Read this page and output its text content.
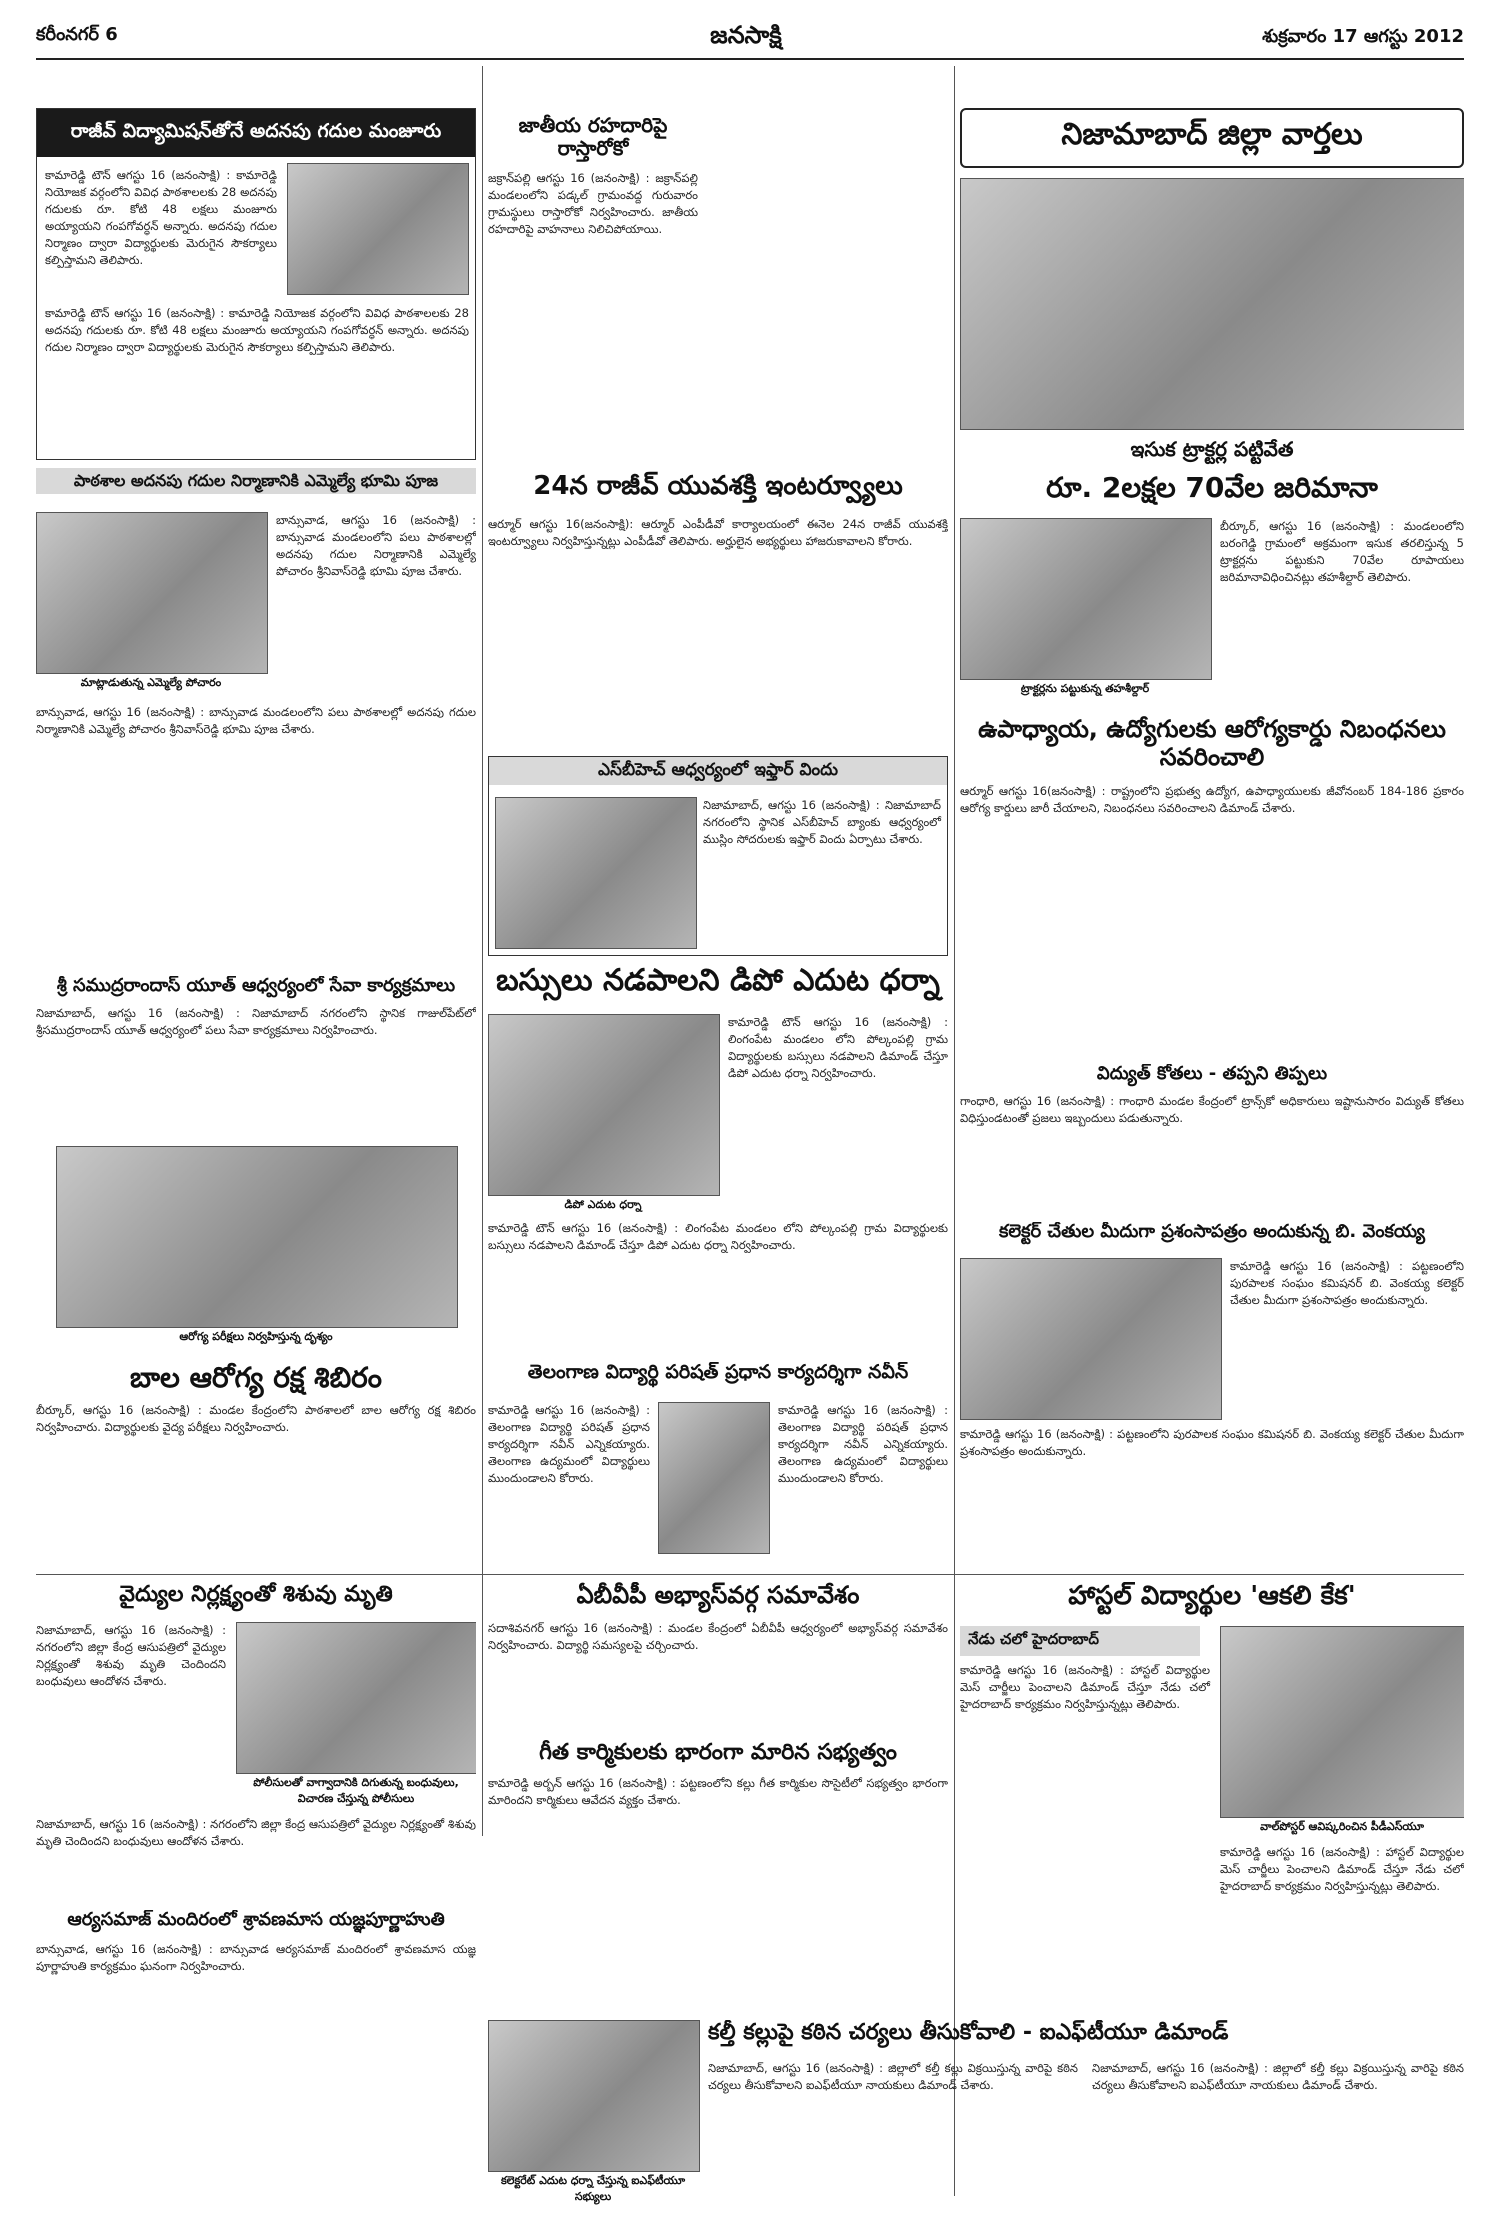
కరీంనగర్ 6	జనసాక్షి	శుక్రవారం 17 ఆగస్టు 2012
రాజీవ్ విద్యామిషన్‌తోనే అదనపు గదుల మంజూరు
కామారెడ్డి టౌన్ ఆగస్టు 16 (జనంసాక్షి) : కామారెడ్డి నియోజక వర్గంలోని వివిధ పాఠశాలలకు 28 అదనపు గదులకు రూ. కోటి 48 లక్షలు మంజూరు అయ్యాయని గంపగోవర్ధన్ అన్నారు. అదనపు గదుల నిర్మాణం ద్వారా విద్యార్థులకు మెరుగైన సౌకర్యాలు కల్పిస్తామని తెలిపారు.
కామారెడ్డి టౌన్ ఆగస్టు 16 (జనంసాక్షి) : కామారెడ్డి నియోజక వర్గంలోని వివిధ పాఠశాలలకు 28 అదనపు గదులకు రూ. కోటి 48 లక్షలు మంజూరు అయ్యాయని గంపగోవర్ధన్ అన్నారు. అదనపు గదుల నిర్మాణం ద్వారా విద్యార్థులకు మెరుగైన సౌకర్యాలు కల్పిస్తామని తెలిపారు.
జాతీయ రహదారిపై రాస్తారోకో
జక్రాన్‌పల్లి ఆగస్టు 16 (జనంసాక్షి) : జక్రాన్‌పల్లి మండలంలోని పడ్కల్ గ్రామంవద్ద గురువారం గ్రామస్థులు రాస్తారోకో నిర్వహించారు. జాతీయ రహదారిపై వాహనాలు నిలిచిపోయాయి.
నిజామాబాద్ జిల్లా వార్తలు
ఇసుక ట్రాక్టర్ల పట్టివేత
రూ. 2లక్షల 70వేల జరిమానా
ట్రాక్టర్లను పట్టుకున్న తహశీల్దార్
బీర్కూర్, ఆగస్టు 16 (జనంసాక్షి) : మండలంలోని బరంగెడ్డి గ్రామంలో అక్రమంగా ఇసుక తరలిస్తున్న 5 ట్రాక్టర్లను పట్టుకుని 70వేల రూపాయలు జరిమానావిధించినట్లు తహశీల్దార్ తెలిపారు.
పాఠశాల అదనపు గదుల నిర్మాణానికి ఎమ్మెల్యే భూమి పూజ
మాట్లాడుతున్న ఎమ్మెల్యే పోచారం
బాన్సువాడ, ఆగస్టు 16 (జనంసాక్షి) : బాన్సువాడ మండలంలోని పలు పాఠశాలల్లో అదనపు గదుల నిర్మాణానికి ఎమ్మెల్యే పోచారం శ్రీనివాస్‌రెడ్డి భూమి పూజ చేశారు.
బాన్సువాడ, ఆగస్టు 16 (జనంసాక్షి) : బాన్సువాడ మండలంలోని పలు పాఠశాలల్లో అదనపు గదుల నిర్మాణానికి ఎమ్మెల్యే పోచారం శ్రీనివాస్‌రెడ్డి భూమి పూజ చేశారు.
24న రాజీవ్ యువశక్తి ఇంటర్వ్యూలు
ఆర్మూర్ ఆగస్టు 16(జనంసాక్షి): ఆర్మూర్ ఎంపీడీవో కార్యాలయంలో ఈనెల 24న రాజీవ్ యువశక్తి ఇంటర్వ్యూలు నిర్వహిస్తున్నట్లు ఎంపీడీవో తెలిపారు. అర్హులైన అభ్యర్థులు హాజరుకావాలని కోరారు.
ఉపాధ్యాయ, ఉద్యోగులకు ఆరోగ్యకార్డు నిబంధనలు సవరించాలి
ఆర్మూర్ ఆగస్టు 16(జనంసాక్షి) : రాష్ట్రంలోని ప్రభుత్వ ఉద్యోగ, ఉపాధ్యాయులకు జీవోనంబర్ 184-186 ప్రకారం ఆరోగ్య కార్డులు జారీ చేయాలని, నిబంధనలు సవరించాలని డిమాండ్ చేశారు.
ఎస్‌బీహెచ్ ఆధ్వర్యంలో ఇఫ్తార్ విందు
నిజామాబాద్, ఆగస్టు 16 (జనంసాక్షి) : నిజామాబాద్ నగరంలోని స్థానిక ఎస్‌బీహెచ్ బ్యాంకు ఆధ్వర్యంలో ముస్లిం సోదరులకు ఇఫ్తార్ విందు ఏర్పాటు చేశారు.
శ్రీ సముద్రరాందాస్ యూత్ ఆధ్వర్యంలో సేవా కార్యక్రమాలు
నిజామాబాద్, ఆగస్టు 16 (జనంసాక్షి) : నిజామాబాద్ నగరంలోని స్థానిక గాజుల్‌పేట్‌లో శ్రీసముద్రరాందాస్ యూత్ ఆధ్వర్యంలో పలు సేవా కార్యక్రమాలు నిర్వహించారు.
ఆరోగ్య పరీక్షలు నిర్వహిస్తున్న దృశ్యం
బస్సులు నడపాలని డిపో ఎదుట ధర్నా
డిపో ఎదుట ధర్నా
కామారెడ్డి టౌన్ ఆగస్టు 16 (జనంసాక్షి) : లింగంపేట మండలం లోని పోల్కంపల్లి గ్రామ విద్యార్థులకు బస్సులు నడపాలని డిమాండ్ చేస్తూ డిపో ఎదుట ధర్నా నిర్వహించారు.
కామారెడ్డి టౌన్ ఆగస్టు 16 (జనంసాక్షి) : లింగంపేట మండలం లోని పోల్కంపల్లి గ్రామ విద్యార్థులకు బస్సులు నడపాలని డిమాండ్ చేస్తూ డిపో ఎదుట ధర్నా నిర్వహించారు.
విద్యుత్ కోతలు - తప్పని తిప్పలు
గాంధారి, ఆగస్టు 16 (జనంసాక్షి) : గాంధారి మండల కేంద్రంలో ట్రాన్స్‌కో అధికారులు ఇష్టానుసారం విద్యుత్ కోతలు విధిస్తుండటంతో ప్రజలు ఇబ్బందులు పడుతున్నారు.
కలెక్టర్ చేతుల మీదుగా ప్రశంసాపత్రం అందుకున్న బి. వెంకయ్య
కామారెడ్డి ఆగస్టు 16 (జనంసాక్షి) : పట్టణంలోని పురపాలక సంఘం కమిషనర్ బి. వెంకయ్య కలెక్టర్ చేతుల మీదుగా ప్రశంసాపత్రం అందుకున్నారు.
కామారెడ్డి ఆగస్టు 16 (జనంసాక్షి) : పట్టణంలోని పురపాలక సంఘం కమిషనర్ బి. వెంకయ్య కలెక్టర్ చేతుల మీదుగా ప్రశంసాపత్రం అందుకున్నారు.
బాల ఆరోగ్య రక్ష శిబిరం
బీర్కూర్, ఆగస్టు 16 (జనంసాక్షి) : మండల కేంద్రంలోని పాఠశాలలో బాల ఆరోగ్య రక్ష శిబిరం నిర్వహించారు. విద్యార్థులకు వైద్య పరీక్షలు నిర్వహించారు.
తెలంగాణ విద్యార్థి పరిషత్ ప్రధాన కార్యదర్శిగా నవీన్
కామారెడ్డి ఆగస్టు 16 (జనంసాక్షి) : తెలంగాణ విద్యార్థి పరిషత్ ప్రధాన కార్యదర్శిగా నవీన్ ఎన్నికయ్యారు. తెలంగాణ ఉద్యమంలో విద్యార్థులు ముందుండాలని కోరారు.
కామారెడ్డి ఆగస్టు 16 (జనంసాక్షి) : తెలంగాణ విద్యార్థి పరిషత్ ప్రధాన కార్యదర్శిగా నవీన్ ఎన్నికయ్యారు. తెలంగాణ ఉద్యమంలో విద్యార్థులు ముందుండాలని కోరారు.
వైద్యుల నిర్లక్ష్యంతో శిశువు మృతి
నిజామాబాద్, ఆగస్టు 16 (జనంసాక్షి) : నగరంలోని జిల్లా కేంద్ర ఆసుపత్రిలో వైద్యుల నిర్లక్ష్యంతో శిశువు మృతి చెందిందని బంధువులు ఆందోళన చేశారు.
పోలీసులతో వాగ్వాదానికి దిగుతున్న బంధువులు, విచారణ చేస్తున్న పోలీసులు
నిజామాబాద్, ఆగస్టు 16 (జనంసాక్షి) : నగరంలోని జిల్లా కేంద్ర ఆసుపత్రిలో వైద్యుల నిర్లక్ష్యంతో శిశువు మృతి చెందిందని బంధువులు ఆందోళన చేశారు.
ఏబీవీపీ అభ్యాస్‌వర్గ సమావేశం
సదాశివనగర్ ఆగస్టు 16 (జనంసాక్షి) : మండల కేంద్రంలో ఏబీవీపీ ఆధ్వర్యంలో అభ్యాస్‌వర్గ సమావేశం నిర్వహించారు. విద్యార్థి సమస్యలపై చర్చించారు.
హాస్టల్ విద్యార్థుల 'ఆకలి కేక'
నేడు చలో హైదరాబాద్
కామారెడ్డి ఆగస్టు 16 (జనంసాక్షి) : హాస్టల్ విద్యార్థుల మెస్ చార్జీలు పెంచాలని డిమాండ్ చేస్తూ నేడు చలో హైదరాబాద్ కార్యక్రమం నిర్వహిస్తున్నట్లు తెలిపారు.
వాల్‌పోస్టర్ ఆవిష్కరించిన పీడీఎస్‌యూ
కామారెడ్డి ఆగస్టు 16 (జనంసాక్షి) : హాస్టల్ విద్యార్థుల మెస్ చార్జీలు పెంచాలని డిమాండ్ చేస్తూ నేడు చలో హైదరాబాద్ కార్యక్రమం నిర్వహిస్తున్నట్లు తెలిపారు.
గీత కార్మికులకు భారంగా మారిన సభ్యత్వం
కామారెడ్డి అర్బన్ ఆగస్టు 16 (జనంసాక్షి) : పట్టణంలోని కల్లు గీత కార్మికుల సొసైటీలో సభ్యత్వం భారంగా మారిందని కార్మికులు ఆవేదన వ్యక్తం చేశారు.
ఆర్యసమాజ్ మందిరంలో శ్రావణమాస యజ్ఞపూర్ణాహుతి
బాన్సువాడ, ఆగస్టు 16 (జనంసాక్షి) : బాన్సువాడ ఆర్యసమాజ్ మందిరంలో శ్రావణమాస యజ్ఞ పూర్ణాహుతి కార్యక్రమం ఘనంగా నిర్వహించారు.
కల్తీ కల్లుపై కఠిన చర్యలు తీసుకోవాలి - ఐఎఫ్‌టీయూ డిమాండ్
కలెక్టరేట్ ఎదుట ధర్నా చేస్తున్న ఐఎఫ్‌టీయూ సభ్యులు
నిజామాబాద్, ఆగస్టు 16 (జనంసాక్షి) : జిల్లాలో కల్తీ కల్లు విక్రయిస్తున్న వారిపై కఠిన చర్యలు తీసుకోవాలని ఐఎఫ్‌టీయూ నాయకులు డిమాండ్ చేశారు.
నిజామాబాద్, ఆగస్టు 16 (జనంసాక్షి) : జిల్లాలో కల్తీ కల్లు విక్రయిస్తున్న వారిపై కఠిన చర్యలు తీసుకోవాలని ఐఎఫ్‌టీయూ నాయకులు డిమాండ్ చేశారు.
